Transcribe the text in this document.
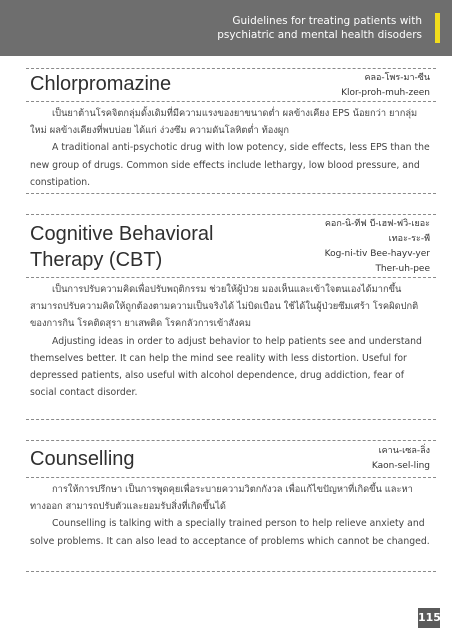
Guidelines for treating patients with
psychiatric and mental health disoders
Chlorpromazine	คลอ-โพร-มา-ซีน
Klor-proh-muh-zeen
เป็นยาต้านโรคจิตกลุ่มดั้งเดิมที่มีความแรงของยาขนาดต่ำ ผลข้างเคียง EPS น้อยกว่า ยากลุ่มใหม่ ผลข้างเคียงที่พบบ่อย ได้แก่ ง่วงซึม ความดันโลหิตต่ำ ท้องผูก
A traditional anti-psychotic drug with low potency, side effects, less EPS than the new group of drugs. Common side effects include lethargy, low blood pressure, and constipation.
Cognitive Behavioral
Therapy (CBT)
คอก-นิ-ทีฟ บี-เฮฟ-ฟวิ-เยอะ
เทอะ-ระ-พี
Kog-ni-tiv Bee-hayv-yer
Ther-uh-pee
เป็นการปรับความคิดเพื่อปรับพฤติกรรม ช่วยให้ผู้ป่วย มองเห็นและเข้าใจตนเองได้มากขึ้น สามารถปรับความคิดให้ถูกต้องตามความเป็นจริงได้ ไม่บิดเบือน ใช้ได้ในผู้ป่วยซึมเศร้า โรคผิดปกติของการกิน โรคติดสุรา ยาเสพติด โรคกลัวการเข้าสังคม
Adjusting ideas in order to adjust behavior to help patients see and understand themselves better. It can help the mind see reality with less distortion. Useful for depressed patients, also useful with alcohol dependence, drug addiction, fear of social contact disorder.
Counselling	เคาน-เซล-ลิ่ง
Kaon-sel-ling
การให้การปรึกษา เป็นการพูดคุยเพื่อระบายความวิตกกังวล เพื่อแก้ไขปัญหาที่เกิดขึ้น และหาทางออก สามารถปรับตัวและยอมรับสิ่งที่เกิดขึ้นได้
Counselling is talking with a specially trained person to help relieve anxiety and solve problems. It can also lead to acceptance of problems which cannot be changed.
115
